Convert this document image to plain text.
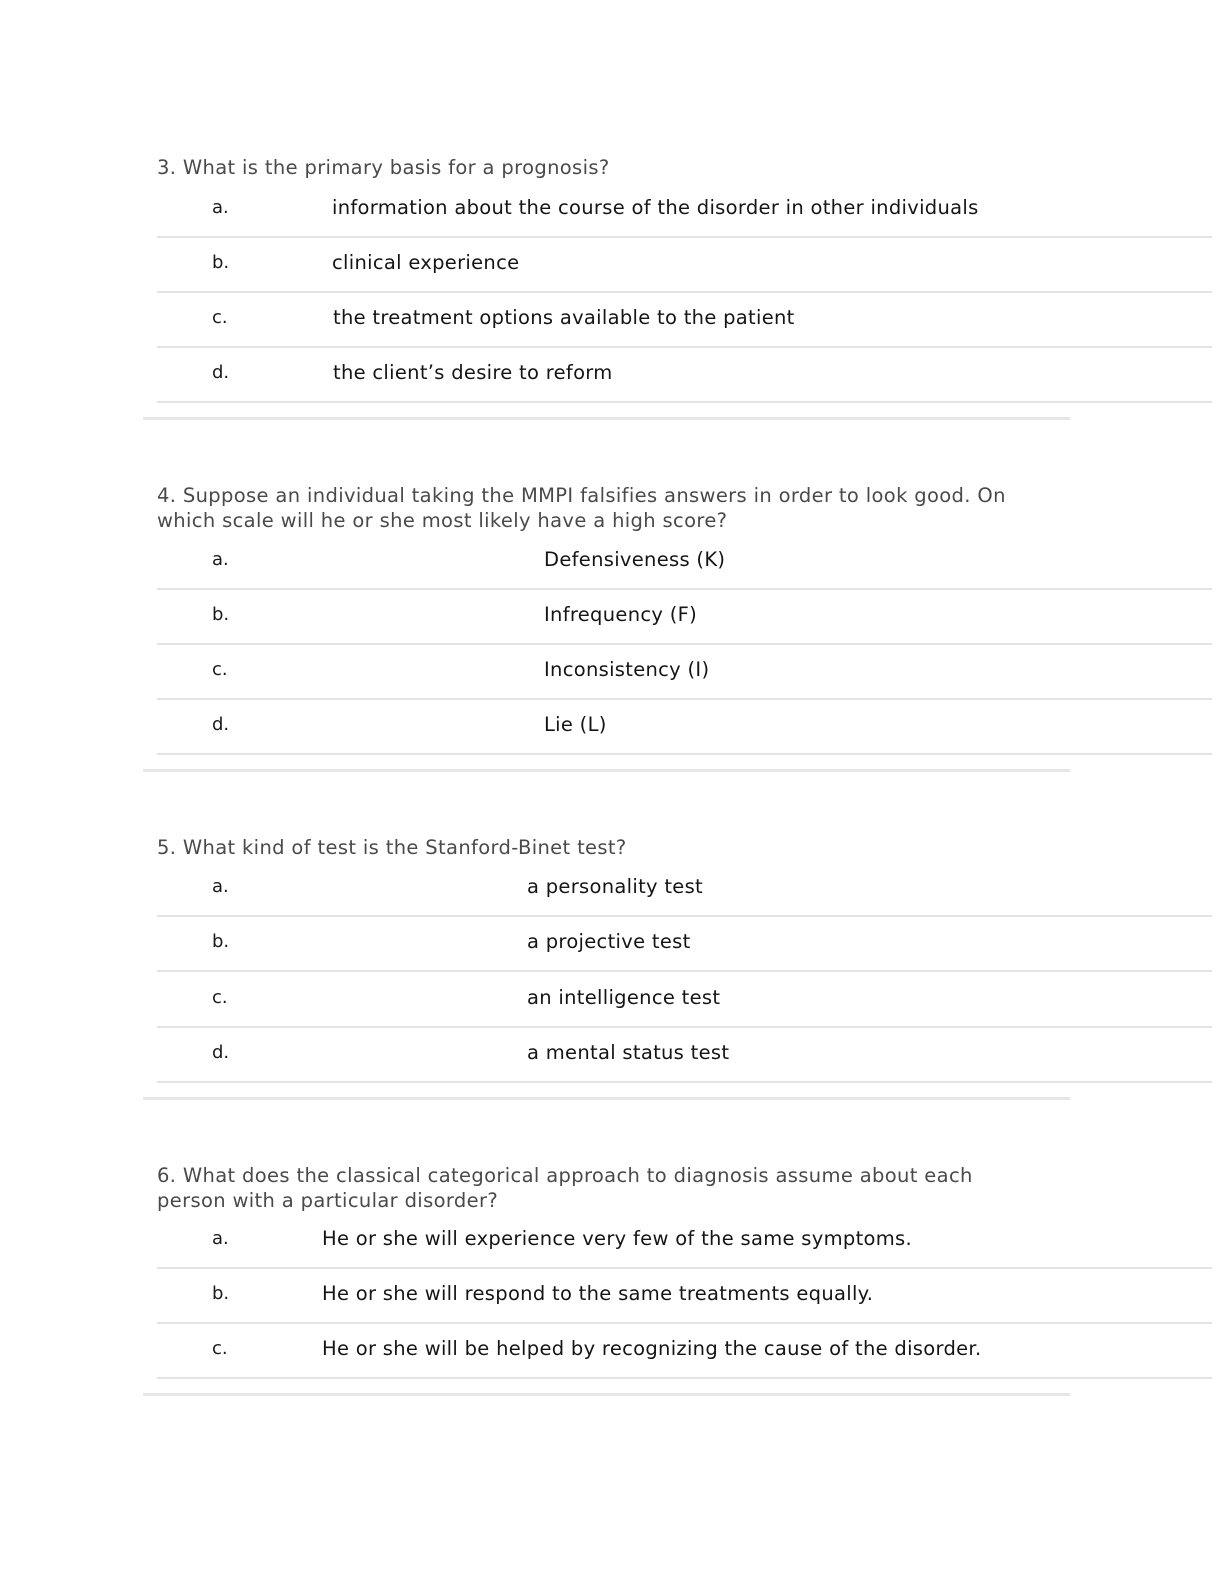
3. What is the primary basis for a prognosis?
a.	information about the course of the disorder in other individuals
b.	clinical experience
c.	the treatment options available to the patient
d.	the client’s desire to reform
4. Suppose an individual taking the MMPI falsifies answers in order to look good. On which scale will he or she most likely have a high score?
a.	Defensiveness (K)
b.	Infrequency (F)
c.	Inconsistency (I)
d.	Lie (L)
5. What kind of test is the Stanford-Binet test?
a.	a personality test
b.	a projective test
c.	an intelligence test
d.	a mental status test
6. What does the classical categorical approach to diagnosis assume about each person with a particular disorder?
a.	He or she will experience very few of the same symptoms.
b.	He or she will respond to the same treatments equally.
c.	He or she will be helped by recognizing the cause of the disorder.
